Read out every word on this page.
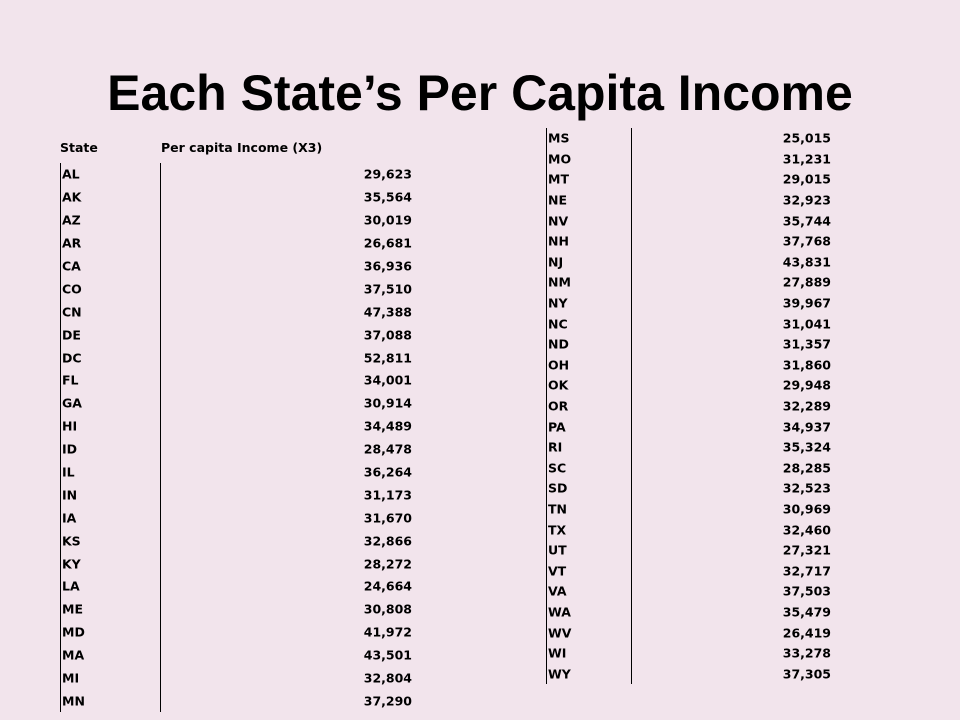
Each State’s Per Capita Income
State	Per capita Income (X3)
AL	29,623
AK	35,564
AZ	30,019
AR	26,681
CA	36,936
CO	37,510
CN	47,388
DE	37,088
DC	52,811
FL	34,001
GA	30,914
HI	34,489
ID	28,478
IL	36,264
IN	31,173
IA	31,670
KS	32,866
KY	28,272
LA	24,664
ME	30,808
MD	41,972
MA	43,501
MI	32,804
MN	37,290
MS	25,015
MO	31,231
MT	29,015
NE	32,923
NV	35,744
NH	37,768
NJ	43,831
NM	27,889
NY	39,967
NC	31,041
ND	31,357
OH	31,860
OK	29,948
OR	32,289
PA	34,937
RI	35,324
SC	28,285
SD	32,523
TN	30,969
TX	32,460
UT	27,321
VT	32,717
VA	37,503
WA	35,479
WV	26,419
WI	33,278
WY	37,305
